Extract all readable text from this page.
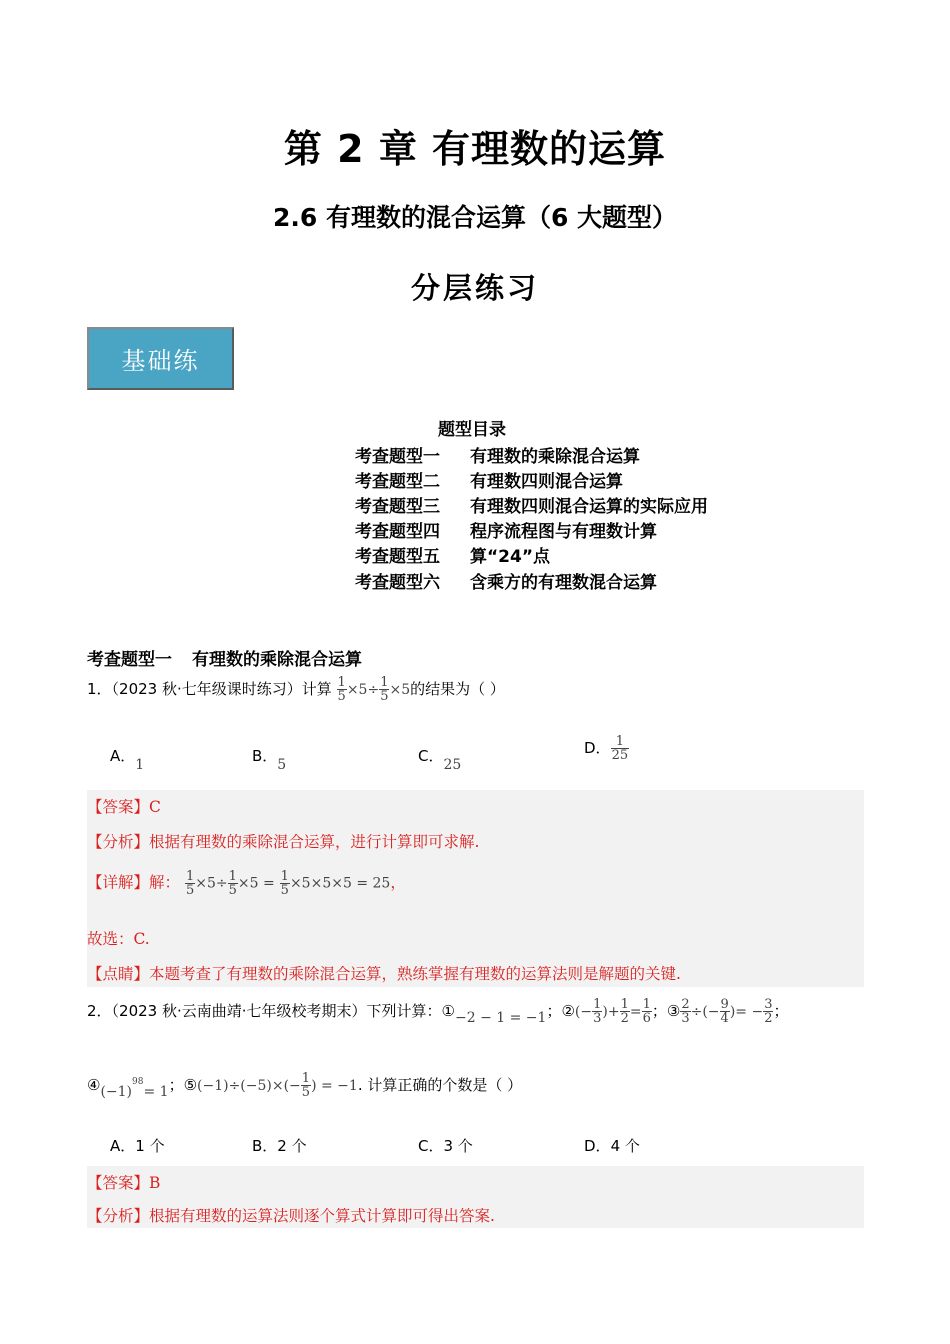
第 2 章 有理数的运算
2.6 有理数的混合运算（6 大题型）
分层练习
基础练
题型目录
考查题型一 有理数的乘除混合运算
考查题型二 有理数四则混合运算
考查题型三 有理数四则混合运算的实际应用
考查题型四 程序流程图与有理数计算
考查题型五 算“24”点
考查题型六 含乘方的有理数混合运算
考查题型一 有理数的乘除混合运算
1．（2023 秋·七年级课时练习）计算 $\frac{1}{5} \times 5\div \frac{1}{5} \times 5$的结果为（ ）
A．1	B．5	C．25
D． $\frac{1}{25}$
【答案】C
【分析】根据有理数的乘除混合运算，进行计算即可求解.
【详解】解： $\frac{1}{5} \times 5\div \frac{1}{5} \times 5 = \frac{1}{5} \times 5\times 5\times 5 = 25$，
故选：C.
【点睛】本题考查了有理数的乘除混合运算，熟练掌握有理数的运算法则是解题的关键.
2．（2023 秋·云南曲靖·七年级校考期末）下列计算：①−2 − 1 = −1；②(− $\frac{1}{3}$ )+ $\frac{1}{2} = \frac{1}{6}$ ；③ $\frac{2}{3}$ ÷(− $\frac{9}{4}$ )= − $\frac{3}{2}$ ；
$④(-1)^{98}= 1$；⑤(−1)÷(−5)×(− $\frac{1}{5}$ ) = −1. 计算正确的个数是（ ）
A．1 个	B．2 个	C．3 个	D．4 个
【答案】B
【分析】根据有理数的运算法则逐个算式计算即可得出答案.
